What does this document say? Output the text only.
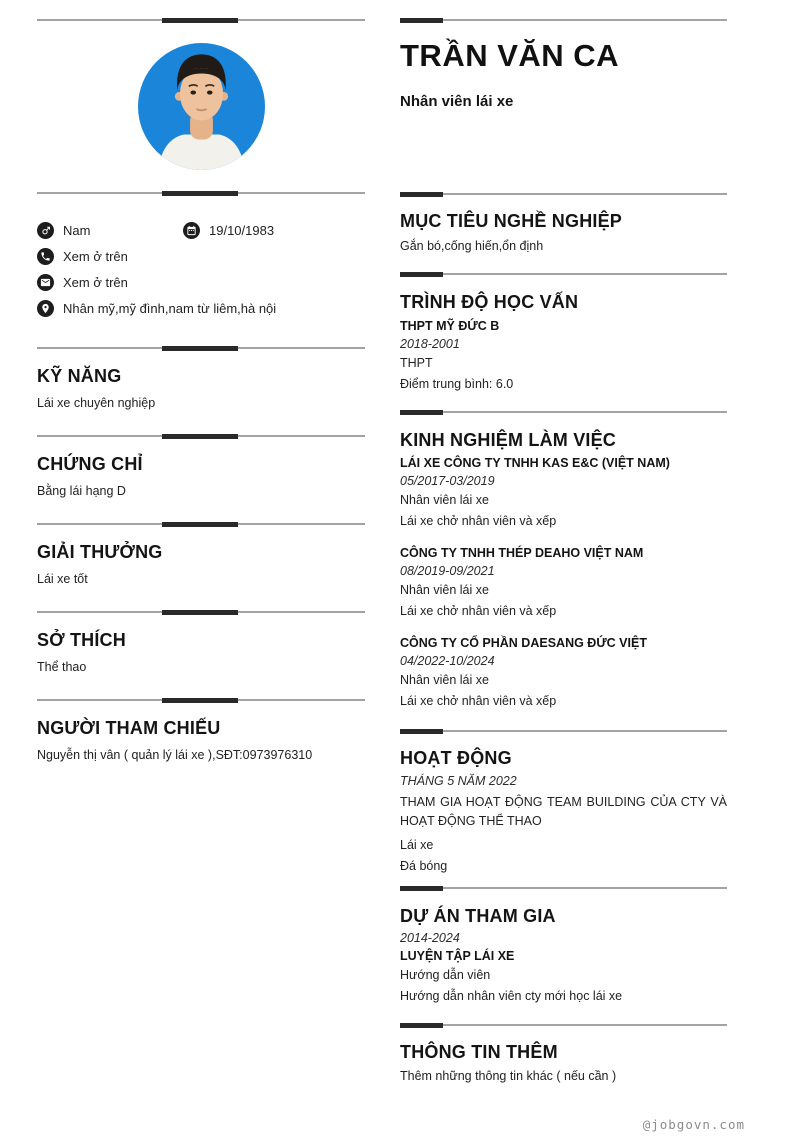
Nam	19/10/1983
Xem ở trên
Xem ở trên
Nhân mỹ,mỹ đình,nam từ liêm,hà nội
KỸ NĂNG
Lái xe chuyên nghiệp
CHỨNG CHỈ
Bằng lái hạng D
GIẢI THƯỞNG
Lái xe tốt
SỞ THÍCH
Thể thao
NGƯỜI THAM CHIẾU
Nguyễn thị vân ( quản lý lái xe ),SĐT:0973976310
TRẦN VĂN CA
Nhân viên lái xe
MỤC TIÊU NGHỀ NGHIỆP
Gắn bó,cống hiến,ổn định
TRÌNH ĐỘ HỌC VẤN
THPT MỸ ĐỨC B
2018-2001
THPT
Điểm trung bình: 6.0
KINH NGHIỆM LÀM VIỆC
LÁI XE CÔNG TY TNHH KAS E&C (VIỆT NAM)
05/2017-03/2019
Nhân viên lái xe
Lái xe chở nhân viên và xếp
CÔNG TY TNHH THÉP DEAHO VIỆT NAM
08/2019-09/2021
Nhân viên lái xe
Lái xe chở nhân viên và xếp
CÔNG TY CỔ PHẦN DAESANG ĐỨC VIỆT
04/2022-10/2024
Nhân viên lái xe
Lái xe chở nhân viên và xếp
HOẠT ĐỘNG
THÁNG 5 NĂM 2022
THAM GIA HOẠT ĐỘNG TEAM BUILDING CỦA CTY VÀ HOẠT ĐỘNG THỂ THAO
Lái xe
Đá bóng
DỰ ÁN THAM GIA
2014-2024
LUYỆN TẬP LÁI XE
Hướng dẫn viên
Hướng dẫn nhân viên cty mới học lái xe
THÔNG TIN THÊM
Thêm những thông tin khác ( nếu cần )
@jobgovn.com
